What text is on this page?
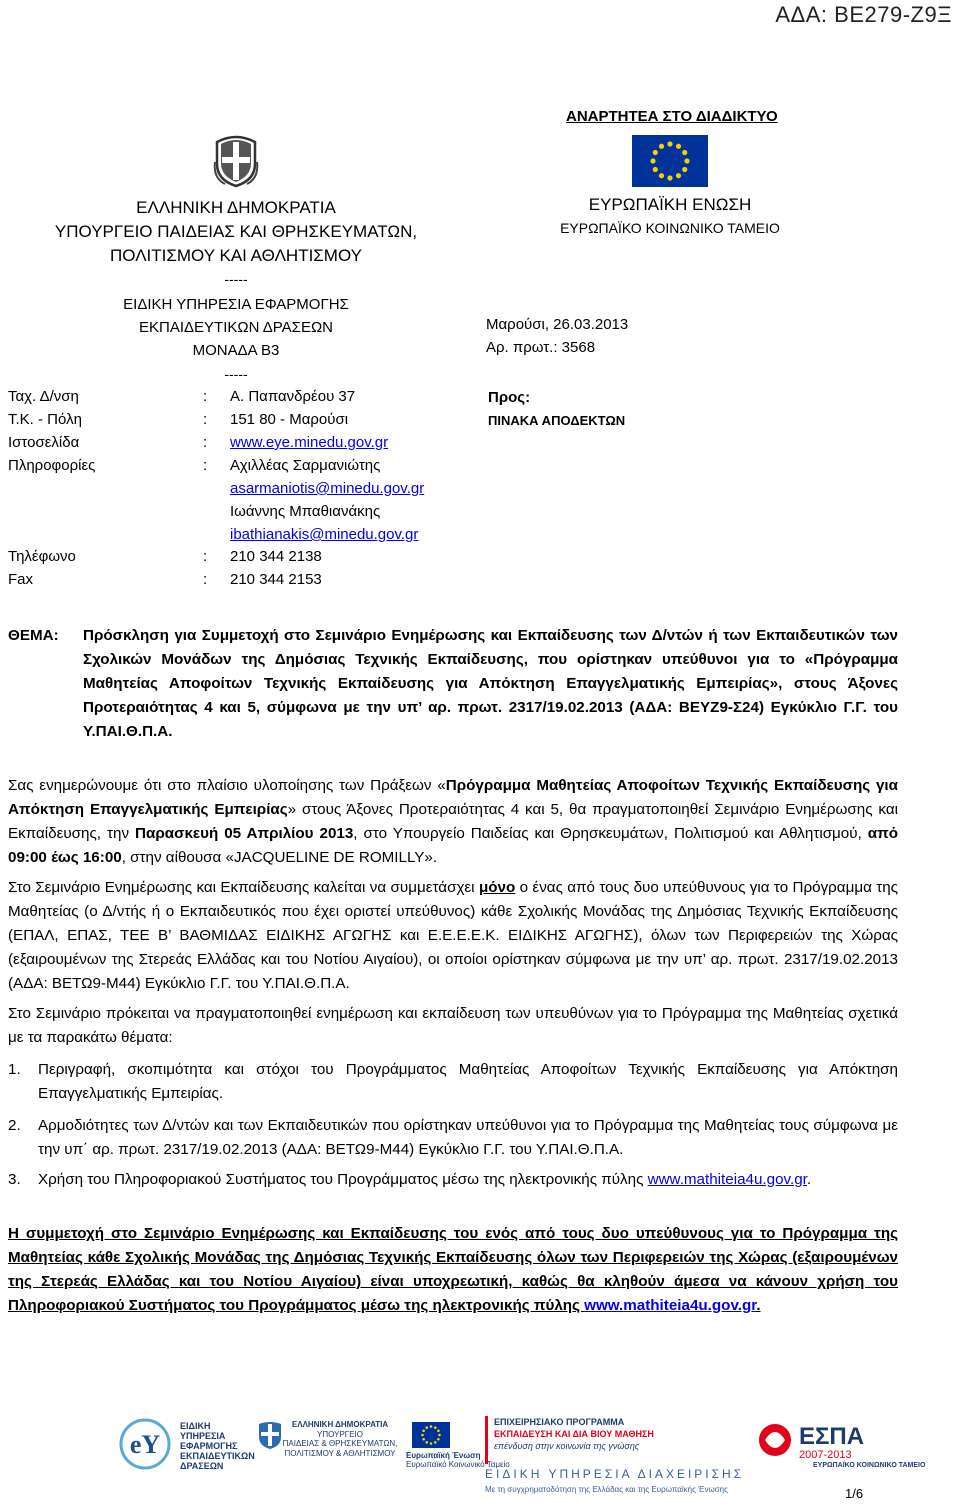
ΑΔΑ: ΒΕ279-Ζ9Ξ
ΑΝΑΡΤΗΤΕΑ ΣΤΟ ΔΙΑΔΙΚΤΥΟ
ΕΛΛΗΝΙΚΗ ΔΗΜΟΚΡΑΤΙΑ
ΥΠΟΥΡΓΕΙΟ ΠΑΙΔΕΙΑΣ ΚΑΙ ΘΡΗΣΚΕΥΜΑΤΩΝ,
ΠΟΛΙΤΙΣΜΟΥ ΚΑΙ ΑΘΛΗΤΙΣΜΟΥ
-----
ΕΙΔΙΚΗ ΥΠΗΡΕΣΙΑ ΕΦΑΡΜΟΓΗΣ
ΕΚΠΑΙΔΕΥΤΙΚΩΝ ΔΡΑΣΕΩΝ
ΜΟΝΑΔΑ Β3
-----
ΕΥΡΩΠΑΪΚΗ ΕΝΩΣΗ
ΕΥΡΩΠΑΪΚΟ ΚΟΙΝΩΝΙΚΟ ΤΑΜΕΙΟ
Μαρούσι, 26.03.2013
Αρ. πρωτ.: 3568
Προς:
ΠΙΝΑΚΑ ΑΠΟΔΕΚΤΩΝ
Ταχ. Δ/νση	: Α. Παπανδρέου 37
Τ.Κ. - Πόλη	: 151 80 - Μαρούσι
Ιστοσελίδα	: www.eye.minedu.gov.gr
Πληροφορίες	: Αχιλλέας Σαρμανιώτης
asarmaniotis@minedu.gov.gr
Ιωάννης Μπαθιανάκης
ibathianakis@minedu.gov.gr
Τηλέφωνο	: 210 344 2138
Fax	: 210 344 2153
ΘΕΜΑ: Πρόσκληση για Συμμετοχή στο Σεμινάριο Ενημέρωσης και Εκπαίδευσης των Δ/ντών ή των Εκπαιδευτικών των Σχολικών Μονάδων της Δημόσιας Τεχνικής Εκπαίδευσης, που ορίστηκαν υπεύθυνοι για το «Πρόγραμμα Μαθητείας Αποφοίτων Τεχνικής Εκπαίδευσης για Απόκτηση Επαγγελματικής Εμπειρίας», στους Άξονες Προτεραιότητας 4 και 5, σύμφωνα με την υπ’ αρ. πρωτ. 2317/19.02.2013 (ΑΔΑ: ΒΕΥΖ9-Σ24) Εγκύκλιο Γ.Γ. του Υ.ΠΑΙ.Θ.Π.Α.
Σας ενημερώνουμε ότι στο πλαίσιο υλοποίησης των Πράξεων «Πρόγραμμα Μαθητείας Αποφοίτων Τεχνικής Εκπαίδευσης για Απόκτηση Επαγγελματικής Εμπειρίας» στους Άξονες Προτεραιότητας 4 και 5, θα πραγματοποιηθεί Σεμινάριο Ενημέρωσης και Εκπαίδευσης, την Παρασκευή 05 Απριλίου 2013, στο Υπουργείο Παιδείας και Θρησκευμάτων, Πολιτισμού και Αθλητισμού, από 09:00 έως 16:00, στην αίθουσα «JACQUELINE DE ROMILLY».
Στο Σεμινάριο Ενημέρωσης και Εκπαίδευσης καλείται να συμμετάσχει μόνο ο ένας από τους δυο υπεύθυνους για το Πρόγραμμα της Μαθητείας (ο Δ/ντής ή ο Εκπαιδευτικός που έχει οριστεί υπεύθυνος) κάθε Σχολικής Μονάδας της Δημόσιας Τεχνικής Εκπαίδευσης (ΕΠΑΛ, ΕΠΑΣ, ΤΕΕ Β’ ΒΑΘΜΙΔΑΣ ΕΙΔΙΚΗΣ ΑΓΩΓΗΣ και Ε.Ε.Ε.Ε.Κ. ΕΙΔΙΚΗΣ ΑΓΩΓΗΣ), όλων των Περιφερειών της Χώρας (εξαιρουμένων της Στερεάς Ελλάδας και του Νοτίου Αιγαίου), οι οποίοι ορίστηκαν σύμφωνα με την υπ’ αρ. πρωτ. 2317/19.02.2013 (ΑΔΑ: ΒΕΤΩ9-Μ44) Εγκύκλιο Γ.Γ. του Υ.ΠΑΙ.Θ.Π.Α.
Στο Σεμινάριο πρόκειται να πραγματοποιηθεί ενημέρωση και εκπαίδευση των υπευθύνων για το Πρόγραμμα της Μαθητείας σχετικά με τα παρακάτω θέματα:
1. Περιγραφή, σκοπιμότητα και στόχοι του Προγράμματος Μαθητείας Αποφοίτων Τεχνικής Εκπαίδευσης για Απόκτηση Επαγγελματικής Εμπειρίας.
2. Αρμοδιότητες των Δ/ντών και των Εκπαιδευτικών που ορίστηκαν υπεύθυνοι για το Πρόγραμμα της Μαθητείας τους σύμφωνα με την υπ΄ αρ. πρωτ. 2317/19.02.2013 (ΑΔΑ: ΒΕΤΩ9-Μ44) Εγκύκλιο Γ.Γ. του Υ.ΠΑΙ.Θ.Π.Α.
3. Χρήση του Πληροφοριακού Συστήματος του Προγράμματος μέσω της ηλεκτρονικής πύλης www.mathiteia4u.gov.gr.
Η συμμετοχή στο Σεμινάριο Ενημέρωσης και Εκπαίδευσης του ενός από τους δυο υπεύθυνους για το Πρόγραμμα της Μαθητείας κάθε Σχολικής Μονάδας της Δημόσιας Τεχνικής Εκπαίδευσης όλων των Περιφερειών της Χώρας (εξαιρουμένων της Στερεάς Ελλάδας και του Νοτίου Αιγαίου) είναι υποχρεωτική, καθώς θα κληθούν άμεσα να κάνουν χρήση του Πληροφοριακού Συστήματος του Προγράμματος μέσω της ηλεκτρονικής πύλης www.mathiteia4u.gov.gr.
eY
ΕΙΔΙΚΗ
ΥΠΗΡΕΣΙΑ
ΕΦΑΡΜΟΓΗΣ
ΕΚΠΑΙΔΕΥΤΙΚΩΝ
ΔΡΑΣΕΩΝ
ΕΛΛΗΝΙΚΗ ΔΗΜΟΚΡΑΤΙΑ
ΥΠΟΥΡΓΕΙΟ
ΠΑΙΔΕΙΑΣ & ΘΡΗΣΚΕΥΜΑΤΩΝ,
ΠΟΛΙΤΙΣΜΟΥ & ΑΘΛΗΤΙΣΜΟΥ	Ευρωπαϊκή Ένωση
Ευρωπαϊκό Κοινωνικό Ταμείο
ΕΠΙΧΕΙΡΗΣΙΑΚΟ ΠΡΟΓΡΑΜΜΑ
ΕΚΠΑΙΔΕΥΣΗ ΚΑΙ ΔΙΑ ΒΙΟΥ ΜΑΘΗΣΗ
επένδυση στην κοινωνία της γνώσης	ΕΣΠΑ
2007-2013
ΕΥΡΩΠΑΪΚΟ ΚΟΙΝΩΝΙΚΟ ΤΑΜΕΙΟ
ΕΙΔΙΚΗ ΥΠΗΡΕΣΙΑ ΔΙΑΧΕΙΡΙΣΗΣ
Με τη συγχρηματοδότηση της Ελλάδας και της Ευρωπαϊκής Ένωσης	1/6
